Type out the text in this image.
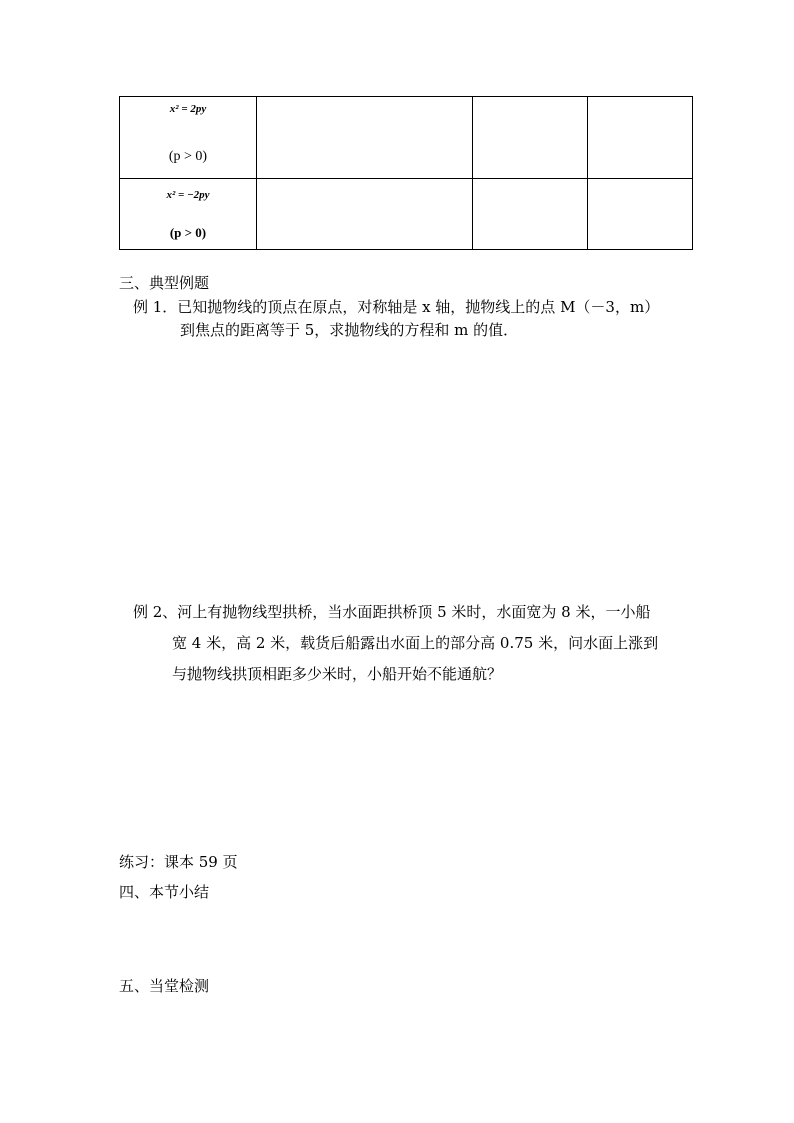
x² = 2py
(p > 0)			

x² = −2py
(p > 0)			

三、典型例题
例 1．已知抛物线的顶点在原点，对称轴是 x 轴，抛物线上的点 M（－3，m）
到焦点的距离等于 5，求抛物线的方程和 m 的值．
例 2、河上有抛物线型拱桥，当水面距拱桥顶 5 米时，水面宽为 8 米，一小船
宽 4 米，高 2 米，载货后船露出水面上的部分高 0.75 米，问水面上涨到
与抛物线拱顶相距多少米时，小船开始不能通航？
练习：课本 59 页
四、本节小结
五、当堂检测
